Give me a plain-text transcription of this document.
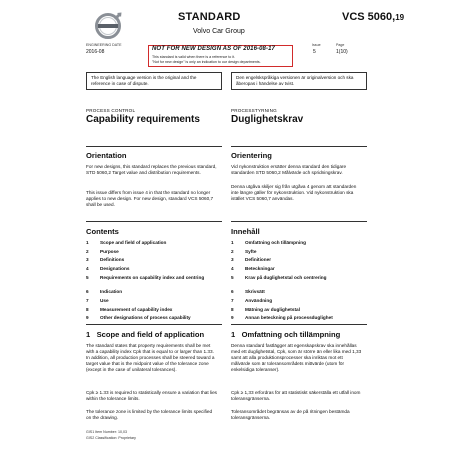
STANDARD	VCS 5060,19
Volvo Car Group
ENGINEERING DATE
2016-08
Issue
5
Page
1(10)
NOT FOR NEW DESIGN AS OF 2016-08-17
This standard is valid when there is a reference to it.
"Not for new design" is only an indication to our design departments.
The English language version is the original and the reference in case of dispute.
Den engelskspråkiga versionen är originalversion och ska åberopas i händelse av tvist.
PROCESS CONTROL
Capability requirements
Orientation
For new designs, this standard replaces the previous standard, STD 5060,2 Target value and distribution requirements.
This issue differs from issue 4 in that the standard no longer applies to new design. For new design, standard VCS 5060,7 shall be used.
Contents
1	Scope and field of application
2	Purpose
3	Definitions
4	Designations
5	Requirements on capability index and centring
6	Indication
7	Use
8	Measurement of capability index
9	Other designations of process capability
1 Scope and field of application
The standard states that property requirements shall be met with a capability index Cpk that is equal to or larger than 1.33. In addition, all production processes shall be steered toward a target value that is the midpoint value of the tolerance zone (except in the case of unilateral tolerances).
Cpk ≥ 1.33 is required to statistically ensure a variation that lies within the tolerance limits.
The tolerance zone is limited by the tolerance limits specified on the drawing.
PROCESSTYRNING
Duglighetskrav
Orientering
Vid nykonstruktion ersätter denna standard den tidigare standarden STD 5060,2 Målvärde och spridningskrav.
Denna utgåva skiljer sig från utgåva 4 genom att standarden inte längre gäller för nykonstruktion. Vid nykonstruktion ska istället VCS 5060,7 användas.
Innehåll
1	Omfattning och tillämpning
2	Syfte
3	Definitioner
4	Beteckningar
5	Krav på duglighetstal och centrering
6	Skrivsätt
7	Användning
8	Mätning av duglighetstal
9	Annan beteckning på processduglighet
1 Omfattning och tillämpning
Denna standard fastlägger att egenskapskrav ska innehållas med ett duglighetstal, Cpk, som är större än eller lika med 1,33 samt att alla produktionsprocesser ska inriktas mot ett målvärde som är toleransområdets mittvärde (utom för enkelsidiga toleranser).
Cpk ≥ 1,33 erfordras för att statistiskt säkerställa ett utfall inom toleransgränserna.
Toleransområdet begränsas av de på ritningen bestämda toleransgränserna.
GIS1 Item Number: 10,03
GIS2 Classification: Proprietary
